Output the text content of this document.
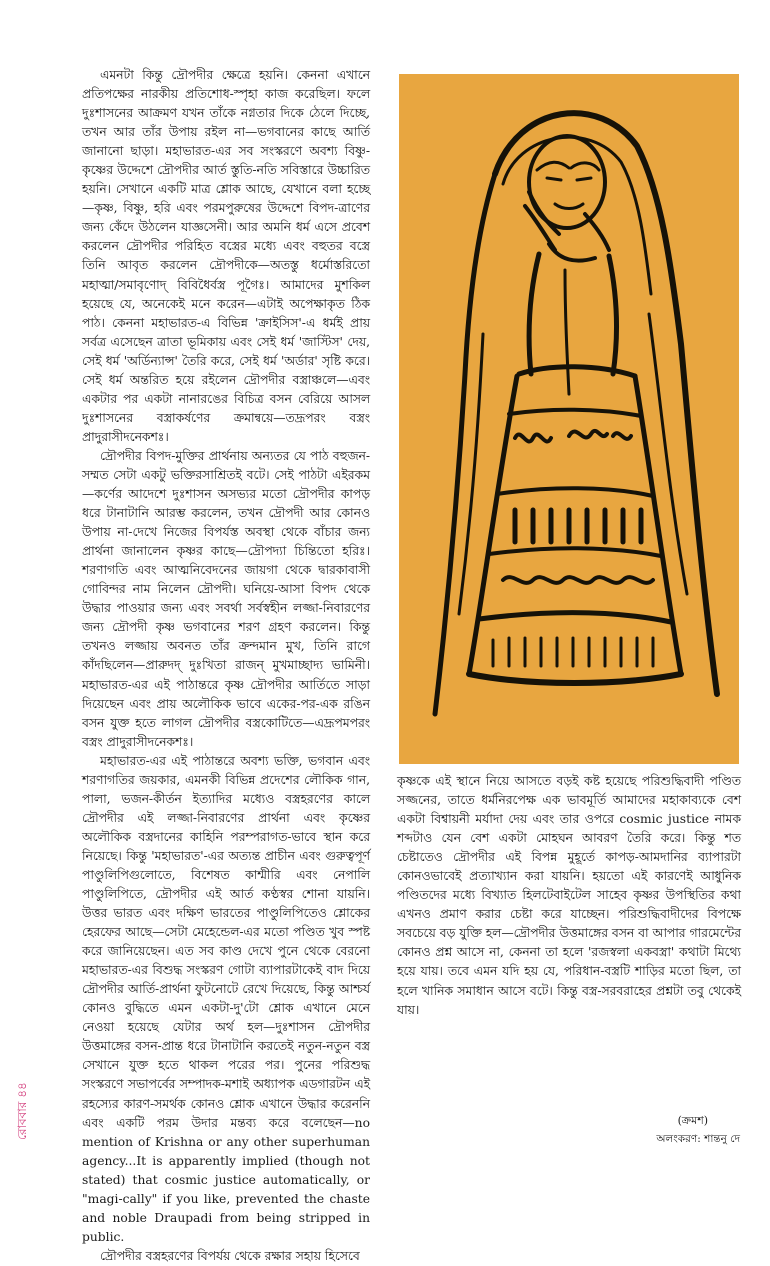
এমনটা কিন্তু দ্রৌপদীর ক্ষেত্রে হয়নি। কেননা এখানে প্রতিপক্ষের নারকীয় প্রতিশোধ-স্পৃহা কাজ করেছিল। ফলে দুঃশাসনের আক্রমণ যখন তাঁকে নগ্নতার দিকে ঠেলে দিচ্ছে, তখন আর তাঁর উপায় রইল না—ভগবানের কাছে আর্তি জানানো ছাড়া। মহাভারত-এর সব সংস্করণে অবশ্য বিষ্ণু-কৃষ্ণের উদ্দেশে দ্রৌপদীর আর্ত স্তুতি-নতি সবিস্তারে উচ্চারিত হয়নি। সেখানে একটি মাত্র শ্লোক আছে, যেখানে বলা হচ্ছে—কৃষ্ণ, বিষ্ণু, হরি এবং পরমপুরুষের উদ্দেশে বিপদ-ত্রাণের জন্য কেঁদে উঠলেন যাজ্ঞসেনী। আর অমনি ধর্ম এসে প্রবেশ করলেন দ্রৌপদীর পরিহিত বস্ত্রের মধ্যে এবং বহুতর বস্ত্রে তিনি আবৃত করলেন দ্রৌপদীকে—অতস্তু ধর্মোস্তরিতো মহাত্মা/সমাবৃণোদ্ বিবিধৈর্বস্ত্র পূগৈঃ। আমাদের মুশকিল হয়েছে যে, অনেকেই মনে করেন—এটাই অপেক্ষাকৃত ঠিক পাঠ। কেননা মহাভারত-এ বিভিন্ন 'ক্রাইসিস'-এ ধর্মই প্রায় সর্বত্র এসেছেন ত্রাতা ভূমিকায় এবং সেই ধর্ম 'জাস্টিস' দেয়, সেই ধর্ম 'অর্ডিন্যান্স' তৈরি করে, সেই ধর্ম 'অর্ডার' সৃষ্টি করে। সেই ধর্ম অন্তরিত হয়ে রইলেন দ্রৌপদীর বস্ত্রাঞ্চলে—এবং একটার পর একটা নানারঙের বিচিত্র বসন বেরিয়ে আসল দুঃশাসনের বস্ত্রাকর্ষণের ক্রমান্বয়ে—তদ্রূপরং বস্ত্রং প্রাদুরাসীদনেকশঃ।

দ্রৌপদীর বিপদ-মুক্তির প্রার্থনায় অন্যতর যে পাঠ বহুজন-সম্মত সেটা একটু ভক্তিরসাশ্রিতই বটে। সেই পাঠটা এইরকম—কর্ণের আদেশে দুঃশাসন অসভ্যর মতো দ্রৌপদীর কাপড় ধরে টানাটানি আরম্ভ করলেন, তখন দ্রৌপদী আর কোনও উপায় না-দেখে নিজের বিপর্যস্ত অবস্থা থেকে বাঁচার জন্য প্রার্থনা জানালেন কৃষ্ণর কাছে—দ্রৌপদ্যা চিন্তিতো হরিঃ। শরণাগতি এবং আত্মনিবেদনের জায়গা থেকে দ্বারকাবাসী গোবিন্দর নাম নিলেন দ্রৌপদী। ঘনিয়ে-আসা বিপদ থেকে উদ্ধার পাওয়ার জন্য এবং সবর্থা সর্বস্বহীন লজ্জা-নিবারণের জন্য দ্রৌপদী কৃষ্ণ ভগবানের শরণ গ্রহণ করলেন। কিন্তু তখনও লজ্জায় অবনত তাঁর ক্রন্দমান মুখ, তিনি রাগে কাঁদছিলেন—প্রারুদদ্ দুঃখিতা রাজন্ মুখমাচ্ছাদ্য ভামিনী। মহাভারত-এর এই পাঠান্তরে কৃষ্ণ দ্রৌপদীর আর্তিতে সাড়া দিয়েছেন এবং প্রায় অলৌকিক ভাবে একের-পর-এক রঙিন বসন যুক্ত হতে লাগল দ্রৌপদীর বস্ত্রকোটিতে—এদ্রূপমপরং বস্ত্রং প্রাদুরাসীদনেকশঃ।

মহাভারত-এর এই পাঠান্তরে অবশ্য ভক্তি, ভগবান এবং শরণাগতির জয়কার, এমনকী বিভিন্ন প্রদেশের লৌকিক গান, পালা, ভজন-কীর্তন ইত্যাদির মধ্যেও বস্ত্রহরণের কালে দ্রৌপদীর এই লজ্জা-নিবারণের প্রার্থনা এবং কৃষ্ণের অলৌকিক বস্ত্রদানের কাহিনি পরম্পরাগত-ভাবে স্থান করে নিয়েছে। কিন্তু 'মহাভারত'-এর অত্যন্ত প্রাচীন এবং গুরুত্বপূর্ণ পাণ্ডুলিপিগুলোতে, বিশেষত কাশ্মীরি এবং নেপালি পাণ্ডুলিপিতে, দ্রৌপদীর এই আর্ত কণ্ঠস্বর শোনা যায়নি। উত্তর ভারত এবং দক্ষিণ ভারতের পাণ্ডুলিপিতেও শ্লোকের হেরফের আছে—সেটা মেহেন্ডেল-এর মতো পণ্ডিত খুব স্পষ্ট করে জানিয়েছেন। এত সব কাণ্ড দেখে পুনে থেকে বেরনো মহাভারত-এর বিশুদ্ধ সংস্করণ গোটা ব্যাপারটাকেই বাদ দিয়ে দ্রৌপদীর আর্তি-প্রার্থনা ফুটনোটে রেখে দিয়েছে, কিন্তু আশ্চর্য কোনও বুদ্ধিতে এমন একটা-দু'টো শ্লোক এখানে মেনে নেওয়া হয়েছে যেটার অর্থ হল—দুঃশাসন দ্রৌপদীর উত্তমাঙ্গের বসন-প্রান্ত ধরে টানাটানি করতেই নতুন-নতুন বস্ত্র সেখানে যুক্ত হতে থাকল পরের পর। পুনের পরিশুদ্ধ সংস্করণে সভাপর্বের সম্পাদক-মশাই অধ্যাপক এডগারটন এই রহস্যের কারণ-সমর্থক কোনও শ্লোক এখানে উদ্ধার করেননি এবং একটি পরম উদার মন্তব্য করে বলেছেন—no mention of Krishna or any other superhuman agency...It is apparently implied (though not stated) that cosmic justice automatically, or "magi-cally" if you like, prevented the chaste and noble Draupadi from being stripped in public.

দ্রৌপদীর বস্ত্রহরণের বিপর্যয় থেকে রক্ষার সহায় হিসেবে

কৃষ্ণকে এই স্থানে নিয়ে আসতে বড়ই কষ্ট হয়েছে পরিশুদ্ধিবাদী পণ্ডিত সজ্জনের, তাতে ধর্মনিরপেক্ষ এক ভাবমূর্তি আমাদের মহাকাব্যকে বেশ একটা বিশ্বায়নী মর্যাদা দেয় এবং তার ওপরে cosmic justice নামক শব্দটাও যেন বেশ একটা মোহঘন আবরণ তৈরি করে। কিন্তু শত চেষ্টাতেও দ্রৌপদীর এই বিপন্ন মুহূর্তে কাপড়-আমদানির ব্যাপারটা কোনওভাবেই প্রত্যাখ্যান করা যায়নি। হয়তো এই কারণেই আধুনিক পণ্ডিতদের মধ্যে বিখ্যাত হিলটেবাইটেল সাহেব কৃষ্ণর উপস্থিতির কথা এখনও প্রমাণ করার চেষ্টা করে যাচ্ছেন। পরিশুদ্ধিবাদীদের বিপক্ষে সবচেয়ে বড় যুক্তি হল—দ্রৌপদীর উত্তমাঙ্গের বসন বা আপার গারমেন্টের কোনও প্রশ্ন আসে না, কেননা তা হলে 'রজস্বলা একবস্ত্রা' কথাটা মিথ্যে হয়ে যায়। তবে এমন যদি হয় যে, পরিধান-বস্ত্রটি শাড়ির মতো ছিল, তা হলে খানিক সমাধান আসে বটে। কিন্তু বস্ত্র-সরবরাহের প্রশ্নটা তবু থেকেই যায়।

(ক্রমশ)
অলংকরণ: শান্তনু দে
রোববার ৪৪
